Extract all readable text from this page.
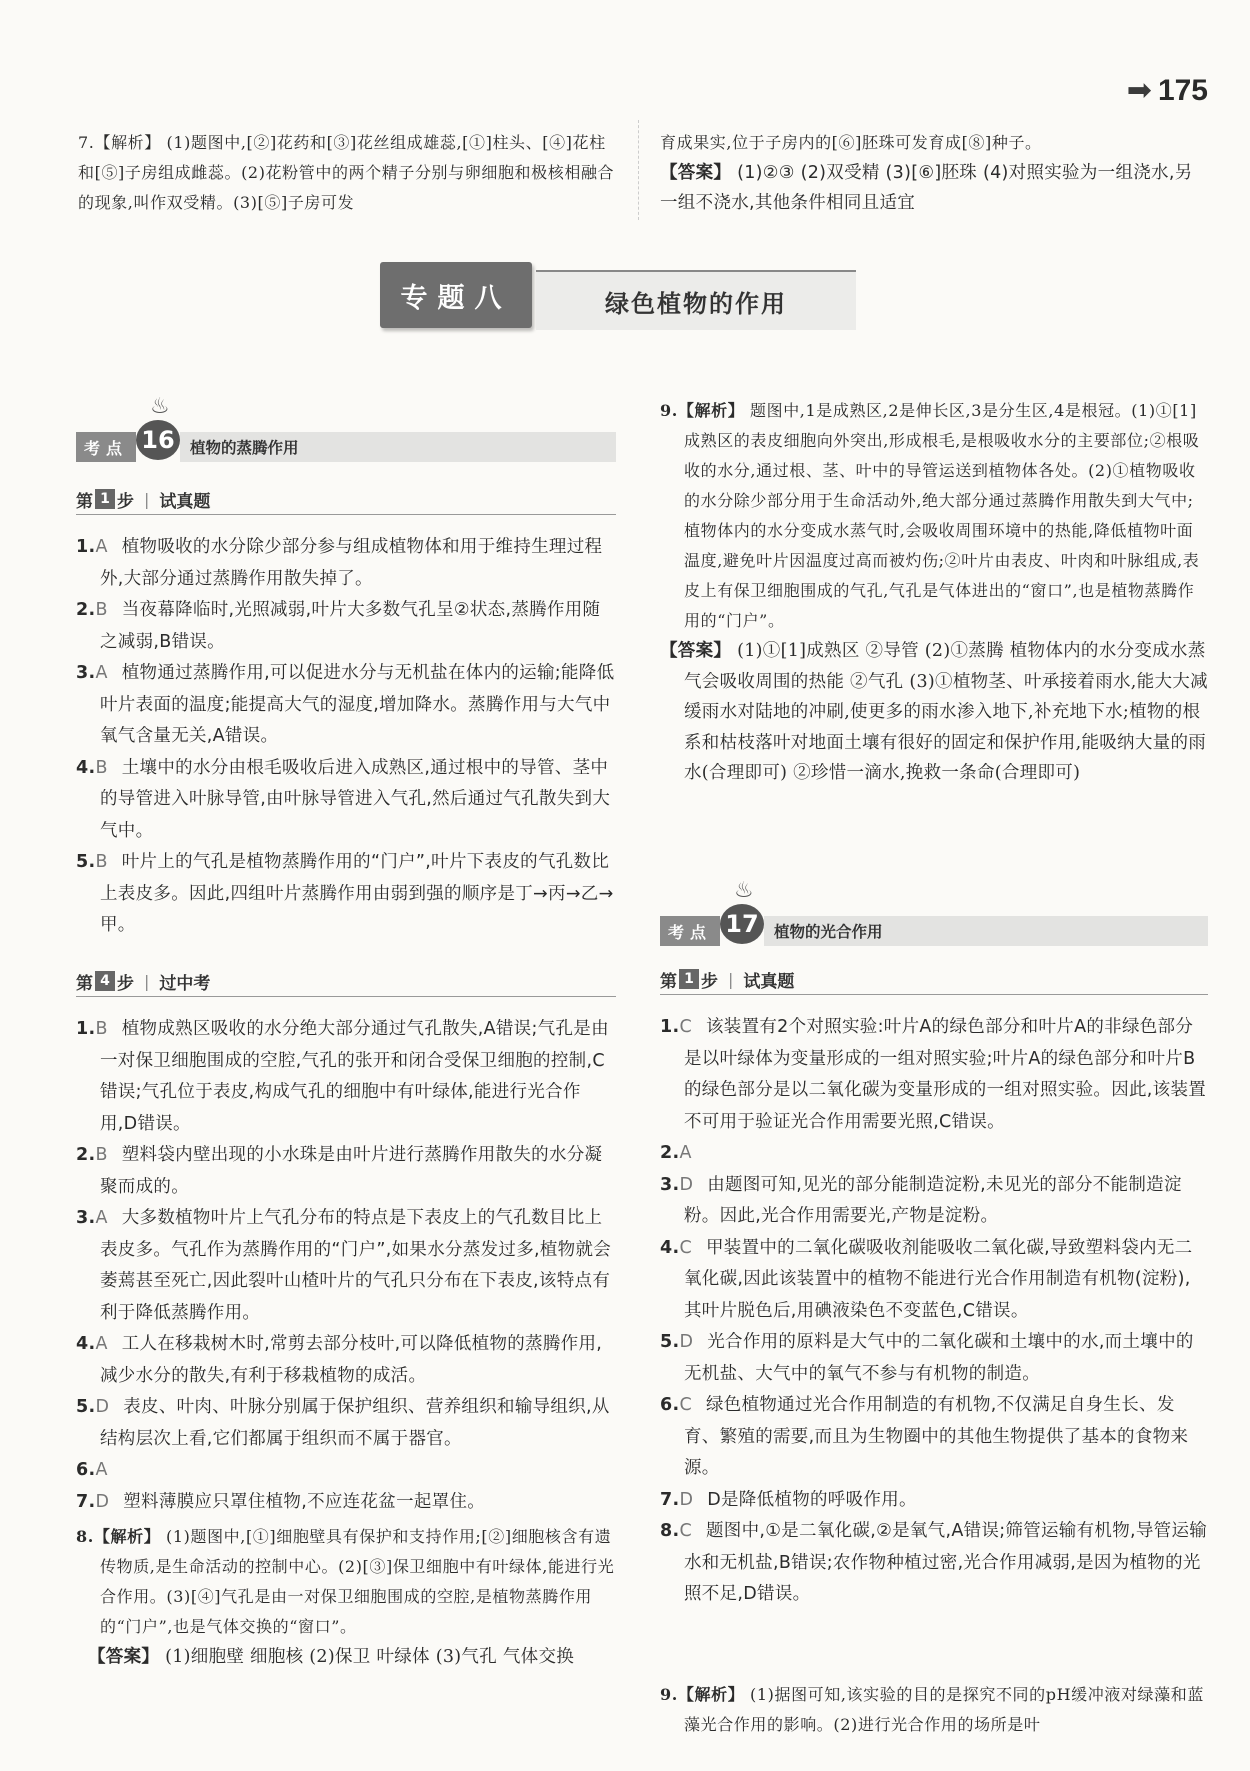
➡ 175

7.【解析】 (1)题图中,[②]花药和[③]花丝组成雄蕊,[①]柱头、[④]花柱和[⑤]子房组成雌蕊。(2)花粉管中的两个精子分别与卵细胞和极核相融合的现象,叫作双受精。(3)[⑤]子房可发

育成果实,位于子房内的[⑥]胚珠可发育成[⑧]种子。

【答案】 (1)②③ (2)双受精 (3)[⑥]胚珠 (4)对照实验为一组浇水,另一组不浇水,其他条件相同且适宜

专题八	绿色植物的作用
考点
♨
16 植物的蒸腾作用
第 1 步 | 试真题

1.A 植物吸收的水分除少部分参与组成植物体和用于维持生理过程外,大部分通过蒸腾作用散失掉了。

2.B 当夜幕降临时,光照减弱,叶片大多数气孔呈②状态,蒸腾作用随之减弱,B错误。

3.A 植物通过蒸腾作用,可以促进水分与无机盐在体内的运输;能降低叶片表面的温度;能提高大气的湿度,增加降水。蒸腾作用与大气中氧气含量无关,A错误。

4.B 土壤中的水分由根毛吸收后进入成熟区,通过根中的导管、茎中的导管进入叶脉导管,由叶脉导管进入气孔,然后通过气孔散失到大气中。

5.B 叶片上的气孔是植物蒸腾作用的“门户”,叶片下表皮的气孔数比上表皮多。因此,四组叶片蒸腾作用由弱到强的顺序是丁→丙→乙→甲。

第 4 步 | 过中考

1.B 植物成熟区吸收的水分绝大部分通过气孔散失,A错误;气孔是由一对保卫细胞围成的空腔,气孔的张开和闭合受保卫细胞的控制,C错误;气孔位于表皮,构成气孔的细胞中有叶绿体,能进行光合作用,D错误。

2.B 塑料袋内壁出现的小水珠是由叶片进行蒸腾作用散失的水分凝聚而成的。

3.A 大多数植物叶片上气孔分布的特点是下表皮上的气孔数目比上表皮多。气孔作为蒸腾作用的“门户”,如果水分蒸发过多,植物就会萎蔫甚至死亡,因此裂叶山楂叶片的气孔只分布在下表皮,该特点有利于降低蒸腾作用。

4.A 工人在移栽树木时,常剪去部分枝叶,可以降低植物的蒸腾作用,减少水分的散失,有利于移栽植物的成活。

5.D 表皮、叶肉、叶脉分别属于保护组织、营养组织和输导组织,从结构层次上看,它们都属于组织而不属于器官。

6.A

7.D 塑料薄膜应只罩住植物,不应连花盆一起罩住。

8.【解析】 (1)题图中,[①]细胞壁具有保护和支持作用;[②]细胞核含有遗传物质,是生命活动的控制中心。(2)[③]保卫细胞中有叶绿体,能进行光合作用。(3)[④]气孔是由一对保卫细胞围成的空腔,是植物蒸腾作用的“门户”,也是气体交换的“窗口”。

【答案】 (1)细胞壁 细胞核 (2)保卫 叶绿体 (3)气孔 气体交换

9.【解析】 题图中,1是成熟区,2是伸长区,3是分生区,4是根冠。(1)①[1]成熟区的表皮细胞向外突出,形成根毛,是根吸收水分的主要部位;②根吸收的水分,通过根、茎、叶中的导管运送到植物体各处。(2)①植物吸收的水分除少部分用于生命活动外,绝大部分通过蒸腾作用散失到大气中;植物体内的水分变成水蒸气时,会吸收周围环境中的热能,降低植物叶面温度,避免叶片因温度过高而被灼伤;②叶片由表皮、叶肉和叶脉组成,表皮上有保卫细胞围成的气孔,气孔是气体进出的“窗口”,也是植物蒸腾作用的“门户”。

【答案】 (1)①[1]成熟区 ②导管 (2)①蒸腾 植物体内的水分变成水蒸气会吸收周围的热能 ②气孔 (3)①植物茎、叶承接着雨水,能大大减缓雨水对陆地的冲刷,使更多的雨水渗入地下,补充地下水;植物的根系和枯枝落叶对地面土壤有很好的固定和保护作用,能吸纳大量的雨水(合理即可) ②珍惜一滴水,挽救一条命(合理即可)

考点
♨
17 植物的光合作用
第 1 步 | 试真题

1.C 该装置有2个对照实验:叶片A的绿色部分和叶片A的非绿色部分是以叶绿体为变量形成的一组对照实验;叶片A的绿色部分和叶片B的绿色部分是以二氧化碳为变量形成的一组对照实验。因此,该装置不可用于验证光合作用需要光照,C错误。

2.A

3.D 由题图可知,见光的部分能制造淀粉,未见光的部分不能制造淀粉。因此,光合作用需要光,产物是淀粉。

4.C 甲装置中的二氧化碳吸收剂能吸收二氧化碳,导致塑料袋内无二氧化碳,因此该装置中的植物不能进行光合作用制造有机物(淀粉),其叶片脱色后,用碘液染色不变蓝色,C错误。

5.D 光合作用的原料是大气中的二氧化碳和土壤中的水,而土壤中的无机盐、大气中的氧气不参与有机物的制造。

6.C 绿色植物通过光合作用制造的有机物,不仅满足自身生长、发育、繁殖的需要,而且为生物圈中的其他生物提供了基本的食物来源。

7.D D是降低植物的呼吸作用。

8.C 题图中,①是二氧化碳,②是氧气,A错误;筛管运输有机物,导管运输水和无机盐,B错误;农作物种植过密,光合作用减弱,是因为植物的光照不足,D错误。

9.【解析】 (1)据图可知,该实验的目的是探究不同的pH缓冲液对绿藻和蓝藻光合作用的影响。(2)进行光合作用的场所是叶
